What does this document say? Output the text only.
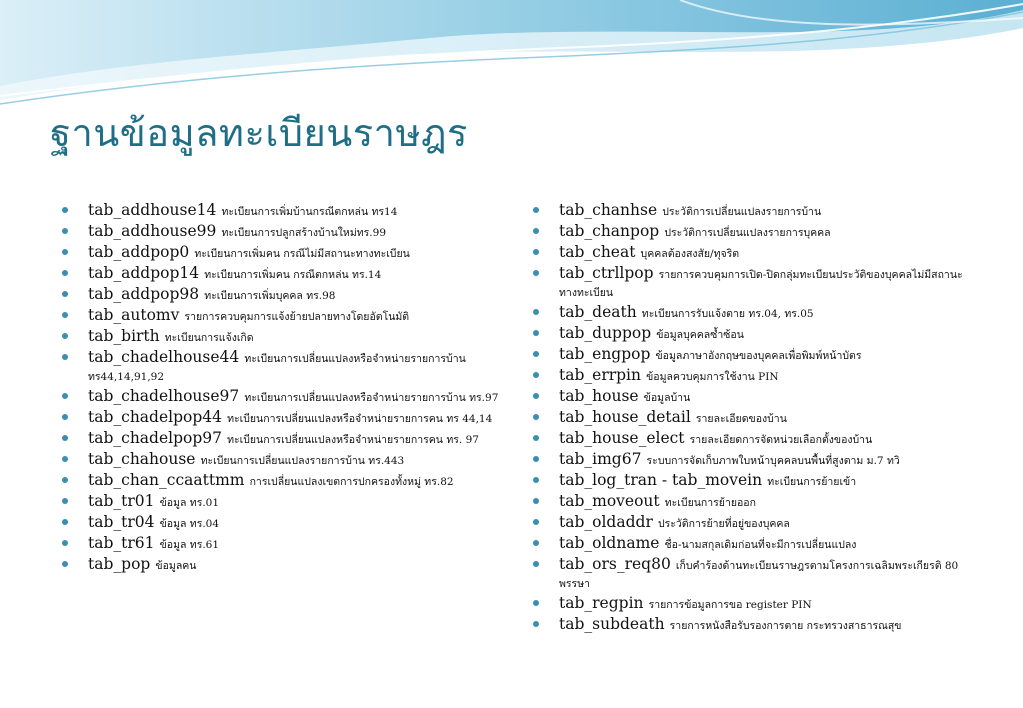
ฐานข้อมูลทะเบียนราษฎร
tab_addhouse14 ทะเบียนการเพิ่มบ้านกรณีตกหล่น ทร14
tab_addhouse99 ทะเบียนการปลูกสร้างบ้านใหม่ทร.99
tab_addpop0 ทะเบียนการเพิ่มคน กรณีไม่มีสถานะทางทะเบียน
tab_addpop14 ทะเบียนการเพิ่มคน กรณีตกหล่น ทร.14
tab_addpop98 ทะเบียนการเพิ่มบุคคล ทร.98
tab_automv รายการควบคุมการแจ้งย้ายปลายทางโดยอัตโนมัติ
tab_birth ทะเบียนการแจ้งเกิด
tab_chadelhouse44 ทะเบียนการเปลี่ยนแปลงหรือจำหน่ายรายการบ้าน ทร44,14,91,92
tab_chadelhouse97 ทะเบียนการเปลี่ยนแปลงหรือจำหน่ายรายการบ้าน ทร.97
tab_chadelpop44 ทะเบียนการเปลี่ยนแปลงหรือจำหน่ายรายการคน ทร 44,14
tab_chadelpop97 ทะเบียนการเปลี่ยนแปลงหรือจำหน่ายรายการคน ทร. 97
tab_chahouse ทะเบียนการเปลี่ยนแปลงรายการบ้าน ทร.443
tab_chan_ccaattmm การเปลี่ยนแปลงเขตการปกครองทั้งหมู่ ทร.82
tab_tr01 ข้อมูล ทร.01
tab_tr04 ข้อมูล ทร.04
tab_tr61 ข้อมูล ทร.61
tab_pop ข้อมูลคน
tab_chanhse ประวัติการเปลี่ยนแปลงรายการบ้าน
tab_chanpop ประวัติการเปลี่ยนแปลงรายการบุคคล
tab_cheat บุคคลต้องสงสัย/ทุจริต
tab_ctrllpop รายการควบคุมการเปิด-ปิดกลุ่มทะเบียนประวัติของบุคคลไม่มีสถานะทางทะเบียน
tab_death ทะเบียนการรับแจ้งตาย ทร.04, ทร.05
tab_duppop ข้อมูลบุคคลซ้ำซ้อน
tab_engpop ข้อมูลภาษาอังกฤษของบุคคลเพื่อพิมพ์หน้าบัตร
tab_errpin ข้อมูลควบคุมการใช้งาน PIN
tab_house ข้อมูลบ้าน
tab_house_detail รายละเอียดของบ้าน
tab_house_elect รายละเอียดการจัดหน่วยเลือกตั้งของบ้าน
tab_img67 ระบบการจัดเก็บภาพใบหน้าบุคคลบนพื้นที่สูงตาม ม.7 ทวิ
tab_log_tran - tab_movein ทะเบียนการย้ายเข้า
tab_moveout ทะเบียนการย้ายออก
tab_oldaddr ประวัติการย้ายที่อยู่ของบุคคล
tab_oldname ชื่อ-นามสกุลเดิมก่อนที่จะมีการเปลี่ยนแปลง
tab_ors_req80 เก็บคำร้องด้านทะเบียนราษฎรตามโครงการเฉลิมพระเกียรติ 80 พรรษา
tab_regpin รายการข้อมูลการขอ register PIN
tab_subdeath รายการหนังสือรับรองการตาย กระทรวงสาธารณสุข
